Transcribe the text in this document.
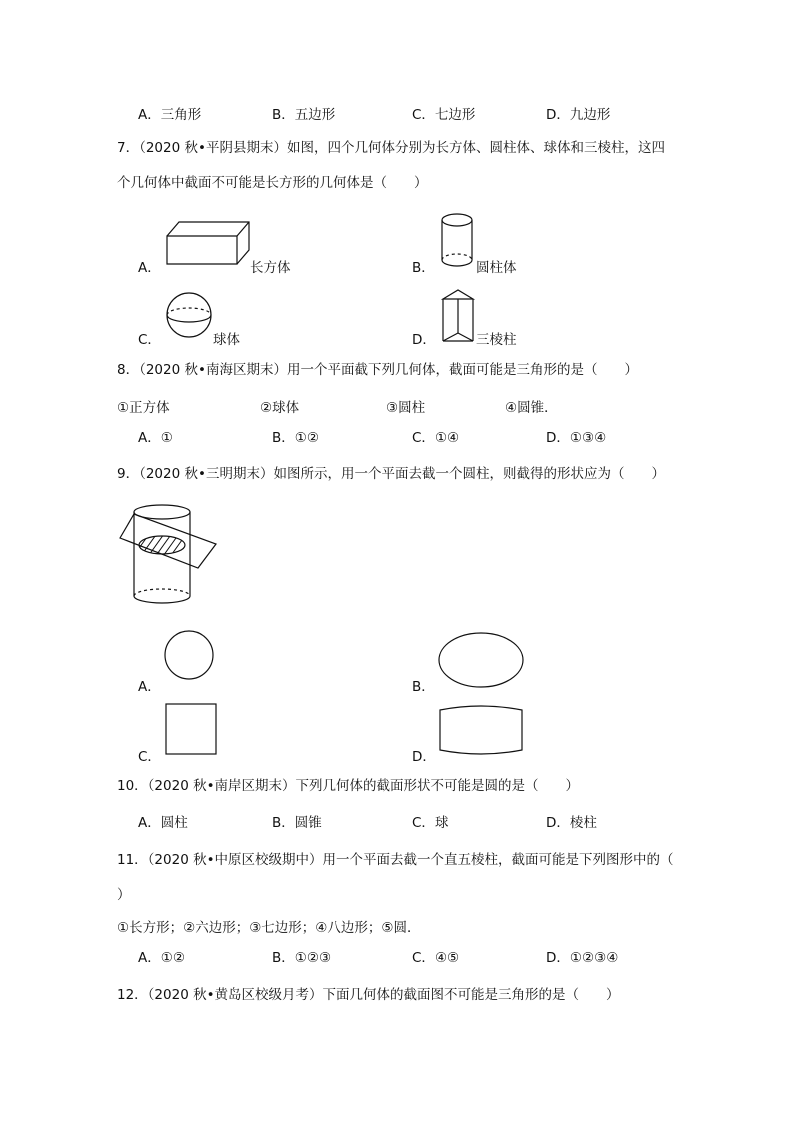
A．三角形	B．五边形	C．七边形	D．九边形
7．（2020 秋•平阴县期末）如图，四个几何体分别为长方体、圆柱体、球体和三棱柱，这四
个几何体中截面不可能是长方形的几何体是（　　）
A．	长方体	B．	圆柱体
C．	球体	D．	三棱柱
8．（2020 秋•南海区期末）用一个平面截下列几何体，截面可能是三角形的是（　　）
①正方体	②球体	③圆柱	④圆锥．
A．①	B．①②	C．①④	D．①③④
9．（2020 秋•三明期末）如图所示，用一个平面去截一个圆柱，则截得的形状应为（　　）
A．	B．
C．	D．
10．（2020 秋•南岸区期末）下列几何体的截面形状不可能是圆的是（　　）
A．圆柱	B．圆锥	C．球	D．棱柱
11．（2020 秋•中原区校级期中）用一个平面去截一个直五棱柱，截面可能是下列图形中的（
）
①长方形；②六边形；③七边形；④八边形；⑤圆．
A．①②	B．①②③	C．④⑤	D．①②③④
12．（2020 秋•黄岛区校级月考）下面几何体的截面图不可能是三角形的是（　　）
